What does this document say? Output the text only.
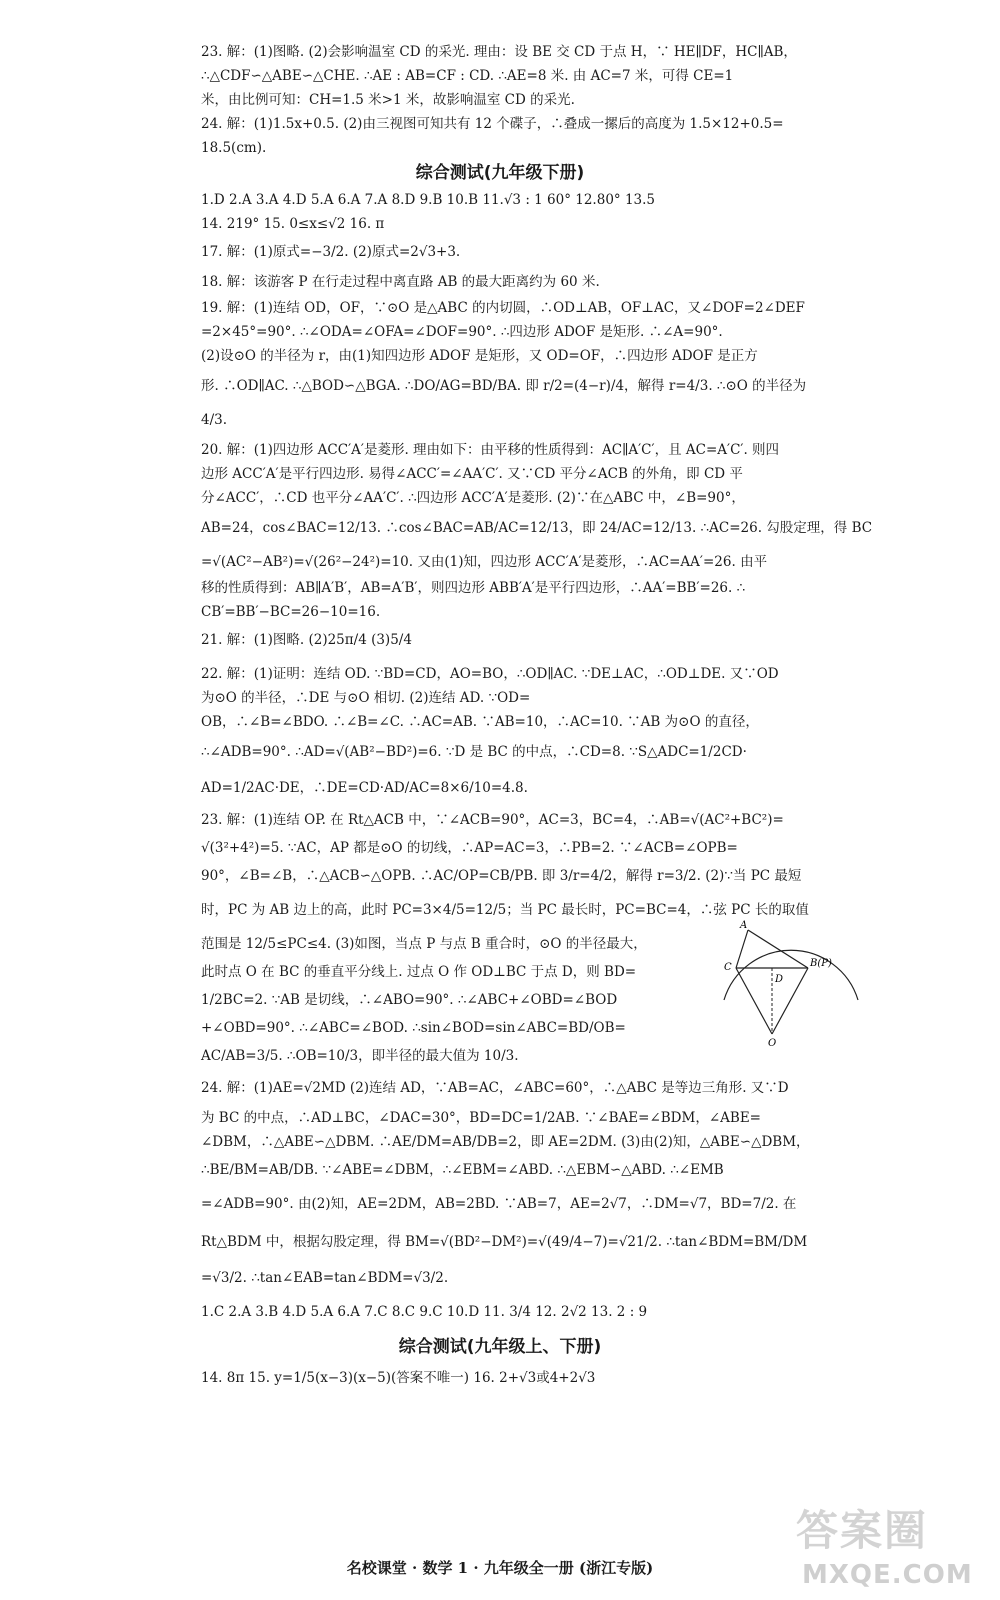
23. 解：(1)图略. (2)会影响温室 CD 的采光. 理由：设 BE 交 CD 于点 H，∵ HE∥DF，HC∥AB，
∴△CDF∽△ABE∽△CHE. ∴AE : AB=CF : CD. ∴AE=8 米. 由 AC=7 米，可得 CE=1
米，由比例可知：CH=1.5 米>1 米，故影响温室 CD 的采光.
24. 解：(1)1.5x+0.5. (2)由三视图可知共有 12 个碟子，∴叠成一摞后的高度为 1.5×12+0.5=
18.5(cm).
综合测试(九年级下册)
1.D 2.A 3.A 4.D 5.A 6.A 7.A 8.D 9.B 10.B 11.√3 : 1 60° 12.80° 13.5
14. 219° 15. 0≤x≤√2 16. π
17. 解：(1)原式=−3/2. (2)原式=2√3+3.
18. 解：该游客 P 在行走过程中离直路 AB 的最大距离约为 60 米.
19. 解：(1)连结 OD，OF，∵⊙O 是△ABC 的内切圆，∴OD⊥AB，OF⊥AC，又∠DOF=2∠DEF
=2×45°=90°. ∴∠ODA=∠OFA=∠DOF=90°. ∴四边形 ADOF 是矩形. ∴∠A=90°.
(2)设⊙O 的半径为 r，由(1)知四边形 ADOF 是矩形，又 OD=OF，∴四边形 ADOF 是正方
形. ∴OD∥AC. ∴△BOD∽△BGA. ∴DO/AG=BD/BA. 即 r/2=(4−r)/4，解得 r=4/3. ∴⊙O 的半径为
4/3.
20. 解：(1)四边形 ACC′A′是菱形. 理由如下：由平移的性质得到：AC∥A′C′，且 AC=A′C′. 则四
边形 ACC′A′是平行四边形. 易得∠ACC′=∠AA′C′. 又∵CD 平分∠ACB 的外角，即 CD 平
分∠ACC′，∴CD 也平分∠AA′C′. ∴四边形 ACC′A′是菱形. (2)∵在△ABC 中，∠B=90°，
AB=24，cos∠BAC=12/13. ∴cos∠BAC=AB/AC=12/13，即 24/AC=12/13. ∴AC=26. 勾股定理，得 BC
=√(AC²−AB²)=√(26²−24²)=10. 又由(1)知，四边形 ACC′A′是菱形，∴AC=AA′=26. 由平
移的性质得到：AB∥A′B′，AB=A′B′，则四边形 ABB′A′是平行四边形，∴AA′=BB′=26. ∴
CB′=BB′−BC=26−10=16.
21. 解：(1)图略. (2)25π/4 (3)5/4
22. 解：(1)证明：连结 OD. ∵BD=CD，AO=BO，∴OD∥AC. ∵DE⊥AC，∴OD⊥DE. 又∵OD
为⊙O 的半径，∴DE 与⊙O 相切. (2)连结 AD. ∵OD=
OB，∴∠B=∠BDO. ∴∠B=∠C. ∴AC=AB. ∵AB=10，∴AC=10. ∵AB 为⊙O 的直径，
∴∠ADB=90°. ∴AD=√(AB²−BD²)=6. ∵D 是 BC 的中点，∴CD=8. ∵S△ADC=1/2CD·
AD=1/2AC·DE，∴DE=CD·AD/AC=8×6/10=4.8.
23. 解：(1)连结 OP. 在 Rt△ACB 中，∵∠ACB=90°，AC=3，BC=4，∴AB=√(AC²+BC²)=
√(3²+4²)=5. ∵AC，AP 都是⊙O 的切线，∴AP=AC=3，∴PB=2. ∵∠ACB=∠OPB=
90°，∠B=∠B，∴△ACB∽△OPB. ∴AC/OP=CB/PB. 即 3/r=4/2，解得 r=3/2. (2)∵当 PC 最短
时，PC 为 AB 边上的高，此时 PC=3×4/5=12/5；当 PC 最长时，PC=BC=4，∴弦 PC 长的取值
范围是 12/5≤PC≤4. (3)如图，当点 P 与点 B 重合时，⊙O 的半径最大，
此时点 O 在 BC 的垂直平分线上. 过点 O 作 OD⊥BC 于点 D，则 BD=
1/2BC=2. ∵AB 是切线，∴∠ABO=90°. ∴∠ABC+∠OBD=∠BOD
+∠OBD=90°. ∴∠ABC=∠BOD. ∴sin∠BOD=sin∠ABC=BD/OB=
AC/AB=3/5. ∴OB=10/3，即半径的最大值为 10/3.
24. 解：(1)AE=√2MD (2)连结 AD，∵AB=AC，∠ABC=60°，∴△ABC 是等边三角形. 又∵D
A
C	B(P)
D
O
为 BC 的中点，∴AD⊥BC，∠DAC=30°，BD=DC=1/2AB. ∵∠BAE=∠BDM，∠ABE=
∠DBM，∴△ABE∽△DBM. ∴AE/DM=AB/DB=2，即 AE=2DM. (3)由(2)知，△ABE∽△DBM，
∴BE/BM=AB/DB. ∵∠ABE=∠DBM，∴∠EBM=∠ABD. ∴△EBM∽△ABD. ∴∠EMB
=∠ADB=90°. 由(2)知，AE=2DM，AB=2BD. ∵AB=7，AE=2√7，∴DM=√7，BD=7/2. 在
Rt△BDM 中，根据勾股定理，得 BM=√(BD²−DM²)=√(49/4−7)=√21/2. ∴tan∠BDM=BM/DM
=√3/2. ∴tan∠EAB=tan∠BDM=√3/2.
1.C 2.A 3.B 4.D 5.A 6.A 7.C 8.C 9.C 10.D 11. 3/4 12. 2√2 13. 2 : 9
综合测试(九年级上、下册)
14. 8π 15. y=1/5(x−3)(x−5)(答案不唯一) 16. 2+√3或4+2√3
名校课堂 · 数学 1 · 九年级全一册 (浙江专版)
答案圈
MXQE.COM
